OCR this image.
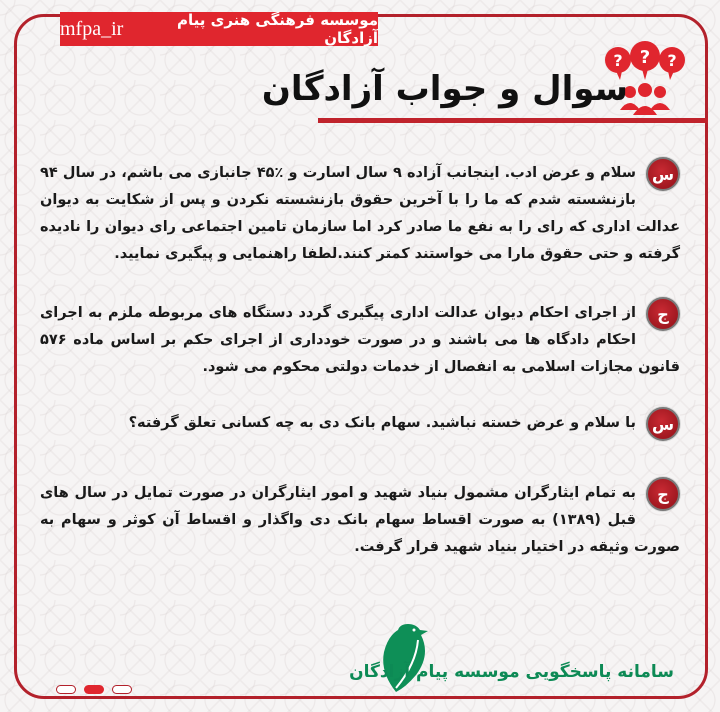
موسسه فرهنگی هنری پیام آزادگان
mfpa_ir
? ? ?
سوال و جواب آزادگان
س
سلام و عرض ادب. اینجانب آزاده ۹ سال اسارت و ٪۴۵ جانبازی می باشم، در سال ۹۴ بازنشسته شدم که ما را با آخرین حقوق بازنشسته نکردن و پس از شکایت به دیوان عدالت اداری که رای را به نفع ما صادر کرد اما سازمان تامین اجتماعی رای دیوان را نادیده گرفته و حتی حقوق مارا می خواستند کمتر کنند.لطفا راهنمایی و پیگیری نمایید.
ج
از اجرای احکام دیوان عدالت اداری پیگیری گردد دستگاه های مربوطه ملزم به اجرای احکام دادگاه ها می باشند و در صورت خودداری از اجرای حکم بر اساس ماده ۵۷۶ قانون مجازات اسلامی به انفصال از خدمات دولتی محکوم می شود.
س
با سلام و عرض خسته نباشید. سهام بانک دی به چه کسانی تعلق گرفته؟
ج
به تمام ایثارگران مشمول بنیاد شهید و امور ایثارگران در صورت تمایل در سال های قبل (۱۳۸۹) به صورت اقساط سهام بانک دی واگذار و اقساط آن کوثر و سهام به صورت وثیقه در اختیار بنیاد شهید قرار گرفت.
سامانه پاسخگویی موسسه پیام آزادگان
